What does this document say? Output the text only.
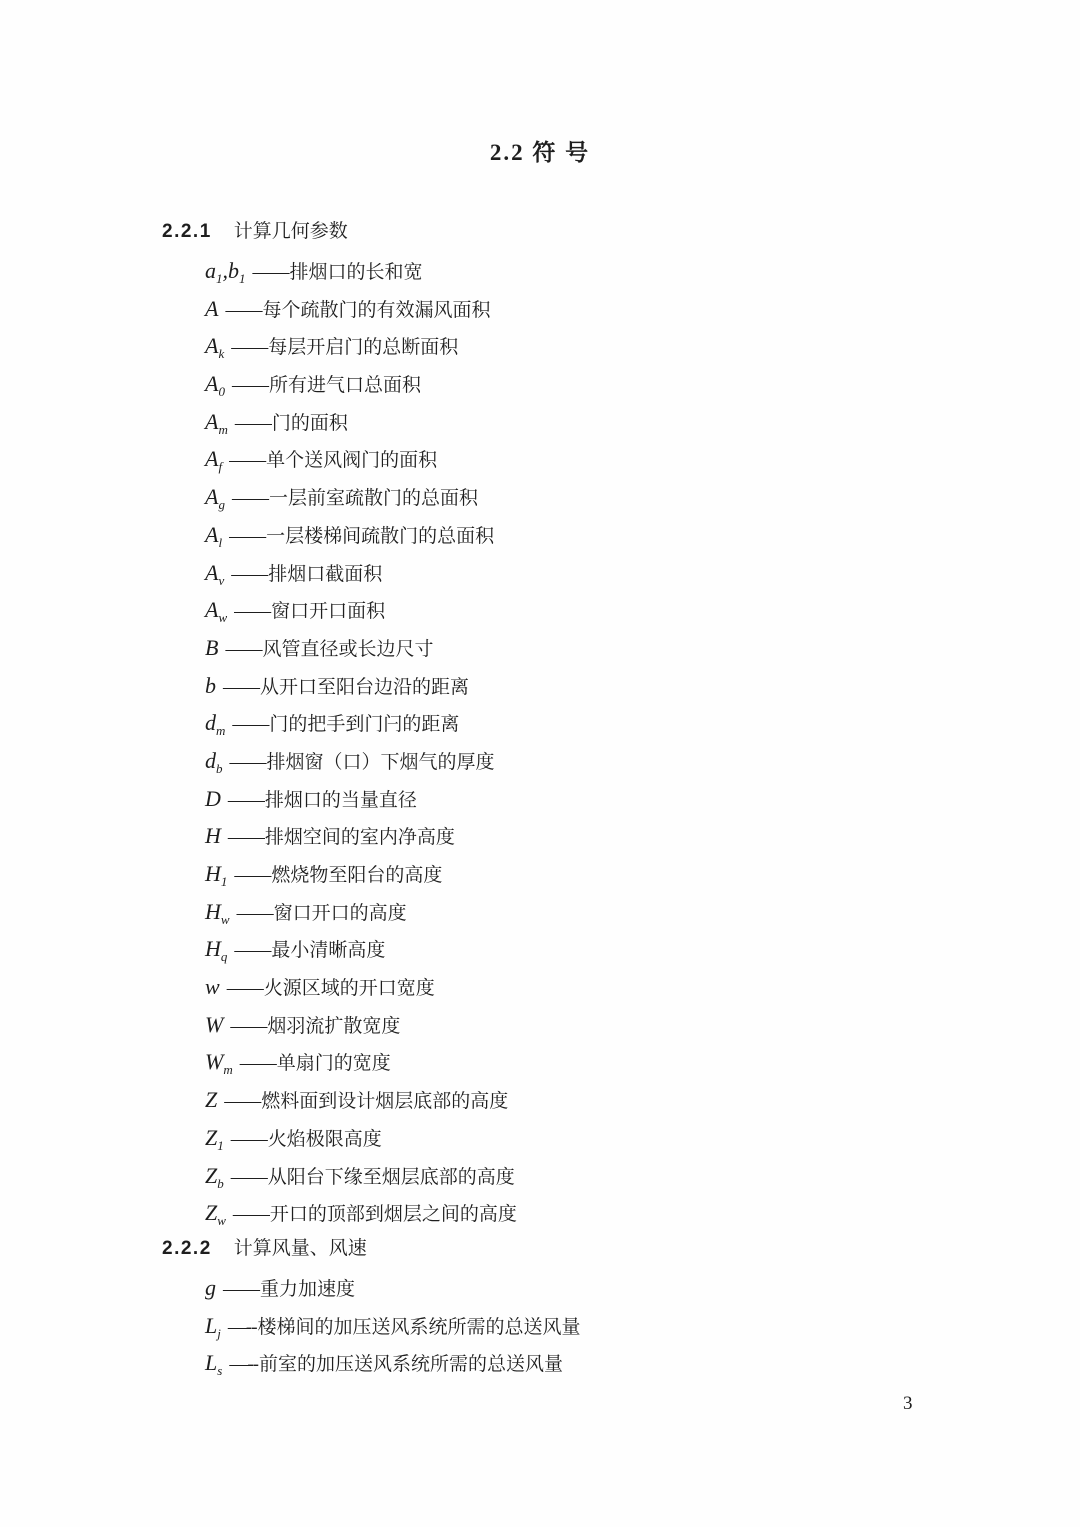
2.2 符 号
2.2.1 计算几何参数
$a_1,b_1$ ——排烟口的长和宽
A ——每个疏散门的有效漏风面积
$A_k$ ——每层开启门的总断面积
$A_0$ ——所有进气口总面积
$A_m$ ——门的面积
$A_f$ ——单个送风阀门的面积
$A_g$ ——一层前室疏散门的总面积
$A_l$ ——一层楼梯间疏散门的总面积
$A_v$ ——排烟口截面积
$A_w$ ——窗口开口面积
B ——风管直径或长边尺寸
b ——从开口至阳台边沿的距离
$d_m$ ——门的把手到门闩的距离
$d_b$ ——排烟窗（口）下烟气的厚度
D ——排烟口的当量直径
H ——排烟空间的室内净高度
$H_1$ ——燃烧物至阳台的高度
$H_w$ ——窗口开口的高度
$H_q$ ——最小清晰高度
w ——火源区域的开口宽度
W ——烟羽流扩散宽度
$W_m$ ——单扇门的宽度
Z ——燃料面到设计烟层底部的高度
$Z_1$ ——火焰极限高度
$Z_b$ ——从阳台下缘至烟层底部的高度
$Z_w$ ——开口的顶部到烟层之间的高度
2.2.2 计算风量、风速
g ——重力加速度
$L_j$ —--楼梯间的加压送风系统所需的总送风量
$L_s$ —--前室的加压送风系统所需的总送风量
3
